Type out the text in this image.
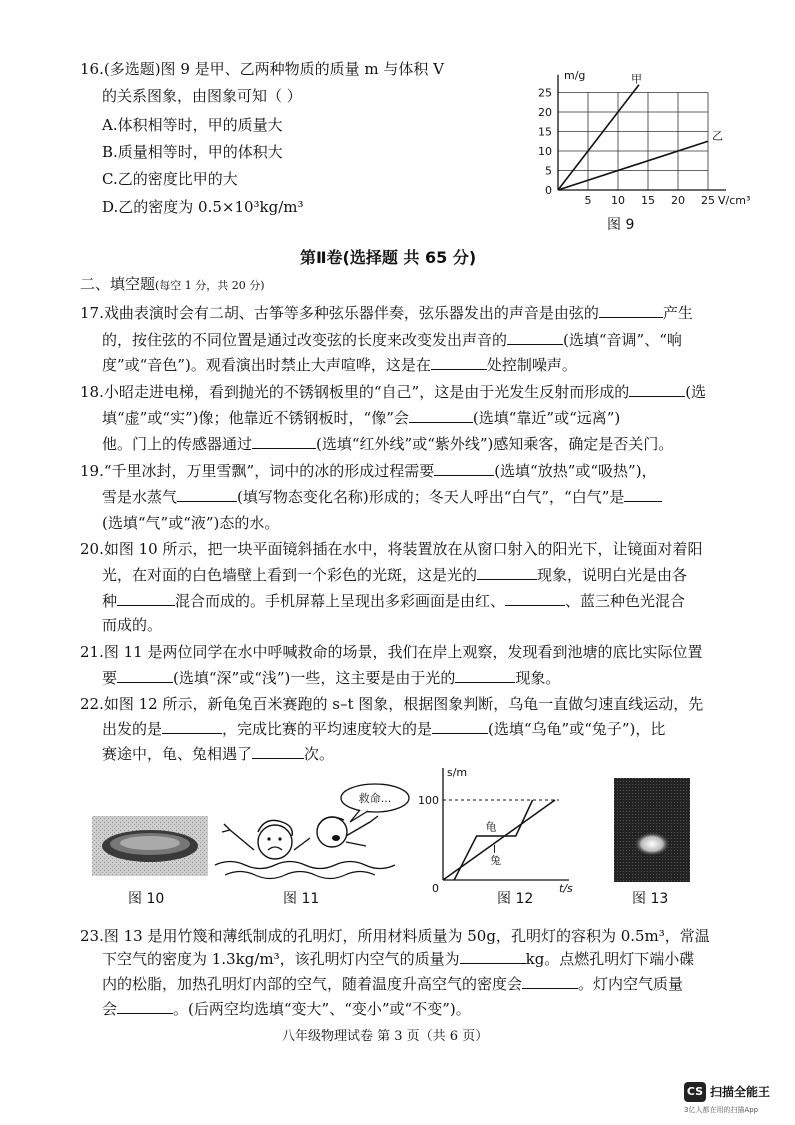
16.(多选题)图 9 是甲、乙两种物质的质量 m 与体积 V
的关系图象，由图象可知（ ）
A.体积相等时，甲的质量大
B.质量相等时，甲的体积大
C.乙的密度比甲的大
D.乙的密度为 0.5×10³kg/m³
0
5
10
15
20
25
5 10 15 20 25 V/cm³
m/g	甲
乙
图 9
第Ⅱ卷(选择题 共 65 分)
二、填空题(每空 1 分，共 20 分)
17.戏曲表演时会有二胡、古筝等多种弦乐器伴奏，弦乐器发出的声音是由弦的	产生
的，按住弦的不同位置是通过改变弦的长度来改变发出声音的	(选填“音调”、“响
度”或“音色”)。观看演出时禁止大声喧哗，这是在	处控制噪声。
18.小昭走进电梯，看到抛光的不锈钢板里的“自己”，这是由于光发生反射而形成的	(选
填“虚”或“实”)像；他靠近不锈钢板时，“像”会	(选填“靠近”或“远离”)
他。门上的传感器通过	(选填“红外线”或“紫外线”)感知乘客，确定是否关门。
19.“千里冰封，万里雪飘”，词中的冰的形成过程需要	(选填“放热”或“吸热”)，
雪是水蒸气	(填写物态变化名称)形成的；冬天人呼出“白气”，“白气”是
(选填“气”或“液”)态的水。
20.如图 10 所示，把一块平面镜斜插在水中，将装置放在从窗口射入的阳光下，让镜面对着阳
光，在对面的白色墙壁上看到一个彩色的光斑，这是光的	现象，说明白光是由各
种	混合而成的。手机屏幕上呈现出多彩画面是由红、	、蓝三种色光混合
而成的。
21.图 11 是两位同学在水中呼喊救命的场景，我们在岸上观察，发现看到池塘的底比实际位置
要	(选填“深”或“浅”)一些，这主要是由于光的	现象。
22.如图 12 所示，新龟兔百米赛跑的 s–t 图象，根据图象判断，乌龟一直做匀速直线运动，先
出发的是	，完成比赛的平均速度较大的是	(选填“乌龟”或“兔子”)，比
赛途中，龟、兔相遇了	次。
图 10
救命...
图 11
s/m
t/s
0
100
龟
兔
图 12	图 13
23.图 13 是用竹篾和薄纸制成的孔明灯，所用材料质量为 50g，孔明灯的容积为 0.5m³，常温
下空气的密度为 1.3kg/m³，该孔明灯内空气的质量为	kg。点燃孔明灯下端小碟
内的松脂，加热孔明灯内部的空气，随着温度升高空气的密度会	。灯内空气质量
会	。(后两空均选填“变大”、“变小”或“不变”)。
八年级物理试卷 第 3 页（共 6 页）
CS 扫描全能王
3亿人都在用的扫描App
